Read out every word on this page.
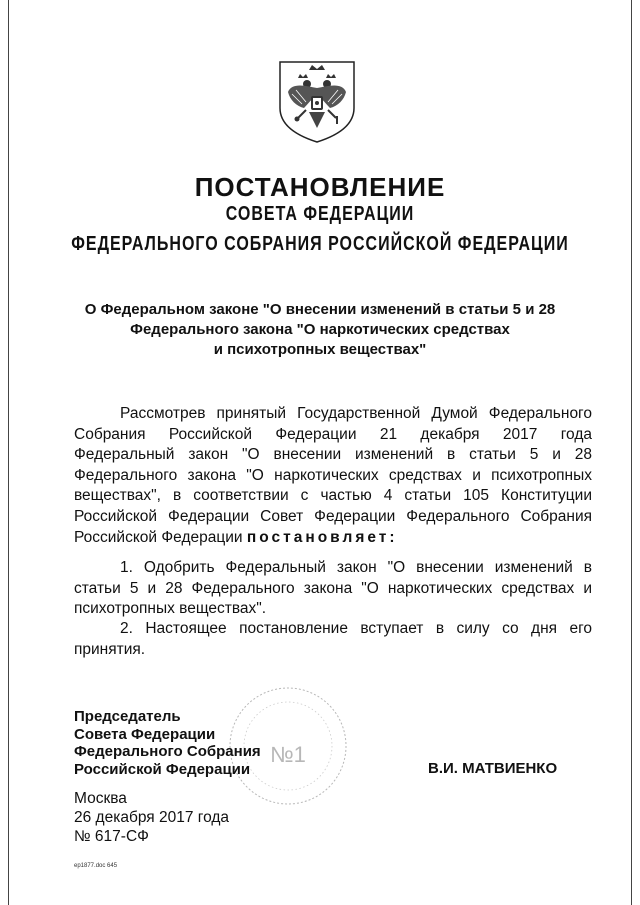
ПОСТАНОВЛЕНИЕ
СОВЕТА ФЕДЕРАЦИИ
ФЕДЕРАЛЬНОГО СОБРАНИЯ РОССИЙСКОЙ ФЕДЕРАЦИИ
О Федеральном законе "О внесении изменений в статьи 5 и 28
Федерального закона "О наркотических средствах
и психотропных веществах"
Рассмотрев принятый Государственной Думой Федерального
Собрания Российской Федерации 21 декабря 2017 года
Федеральный закон "О внесении изменений в статьи 5 и 28
Федерального закона "О наркотических средствах и психотропных
веществах", в соответствии с частью 4 статьи 105 Конституции
Российской Федерации Совет Федерации Федерального Собрания
Российской Федерации постановляет:
1. Одобрить Федеральный закон "О внесении изменений в
статьи 5 и 28 Федерального закона "О наркотических средствах и
психотропных веществах".
2. Настоящее постановление вступает в силу со дня его
принятия.
№1
Председатель
Совета Федерации
Федерального Собрания
Российской Федерации	В.И. МАТВИЕНКО
Москва
26 декабря 2017 года
№ 617-СФ
ep1877.doc 645
